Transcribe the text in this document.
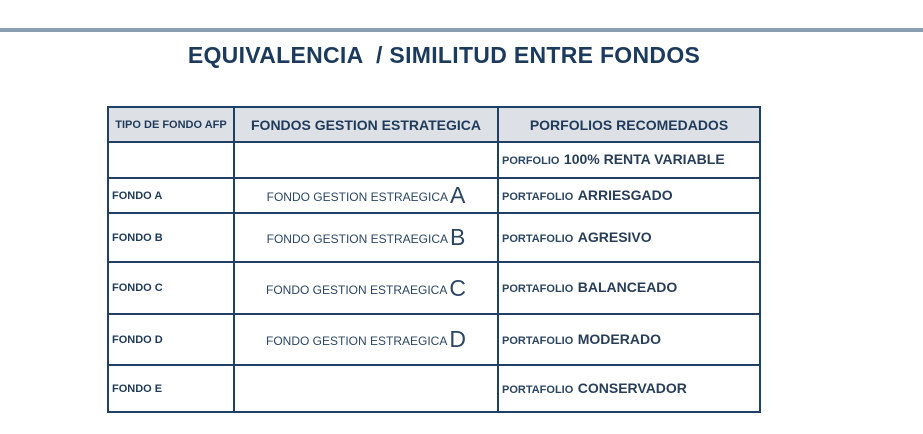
EQUIVALENCIA  / SIMILITUD ENTRE FONDOS
TIPO DE FONDO AFP	FONDOS GESTION ESTRATEGICA	PORFOLIOS RECOMEDADOS
		PORFOLIO 100% RENTA VARIABLE
FONDO A	FONDO GESTION ESTRAEGICAA	PORTAFOLIO ARRIESGADO
FONDO B	FONDO GESTION ESTRAEGICAB	PORTAFOLIO AGRESIVO
FONDO C	FONDO GESTION ESTRAEGICAC	PORTAFOLIO BALANCEADO
FONDO D	FONDO GESTION ESTRAEGICAD	PORTAFOLIO MODERADO
FONDO E		PORTAFOLIO CONSERVADOR
